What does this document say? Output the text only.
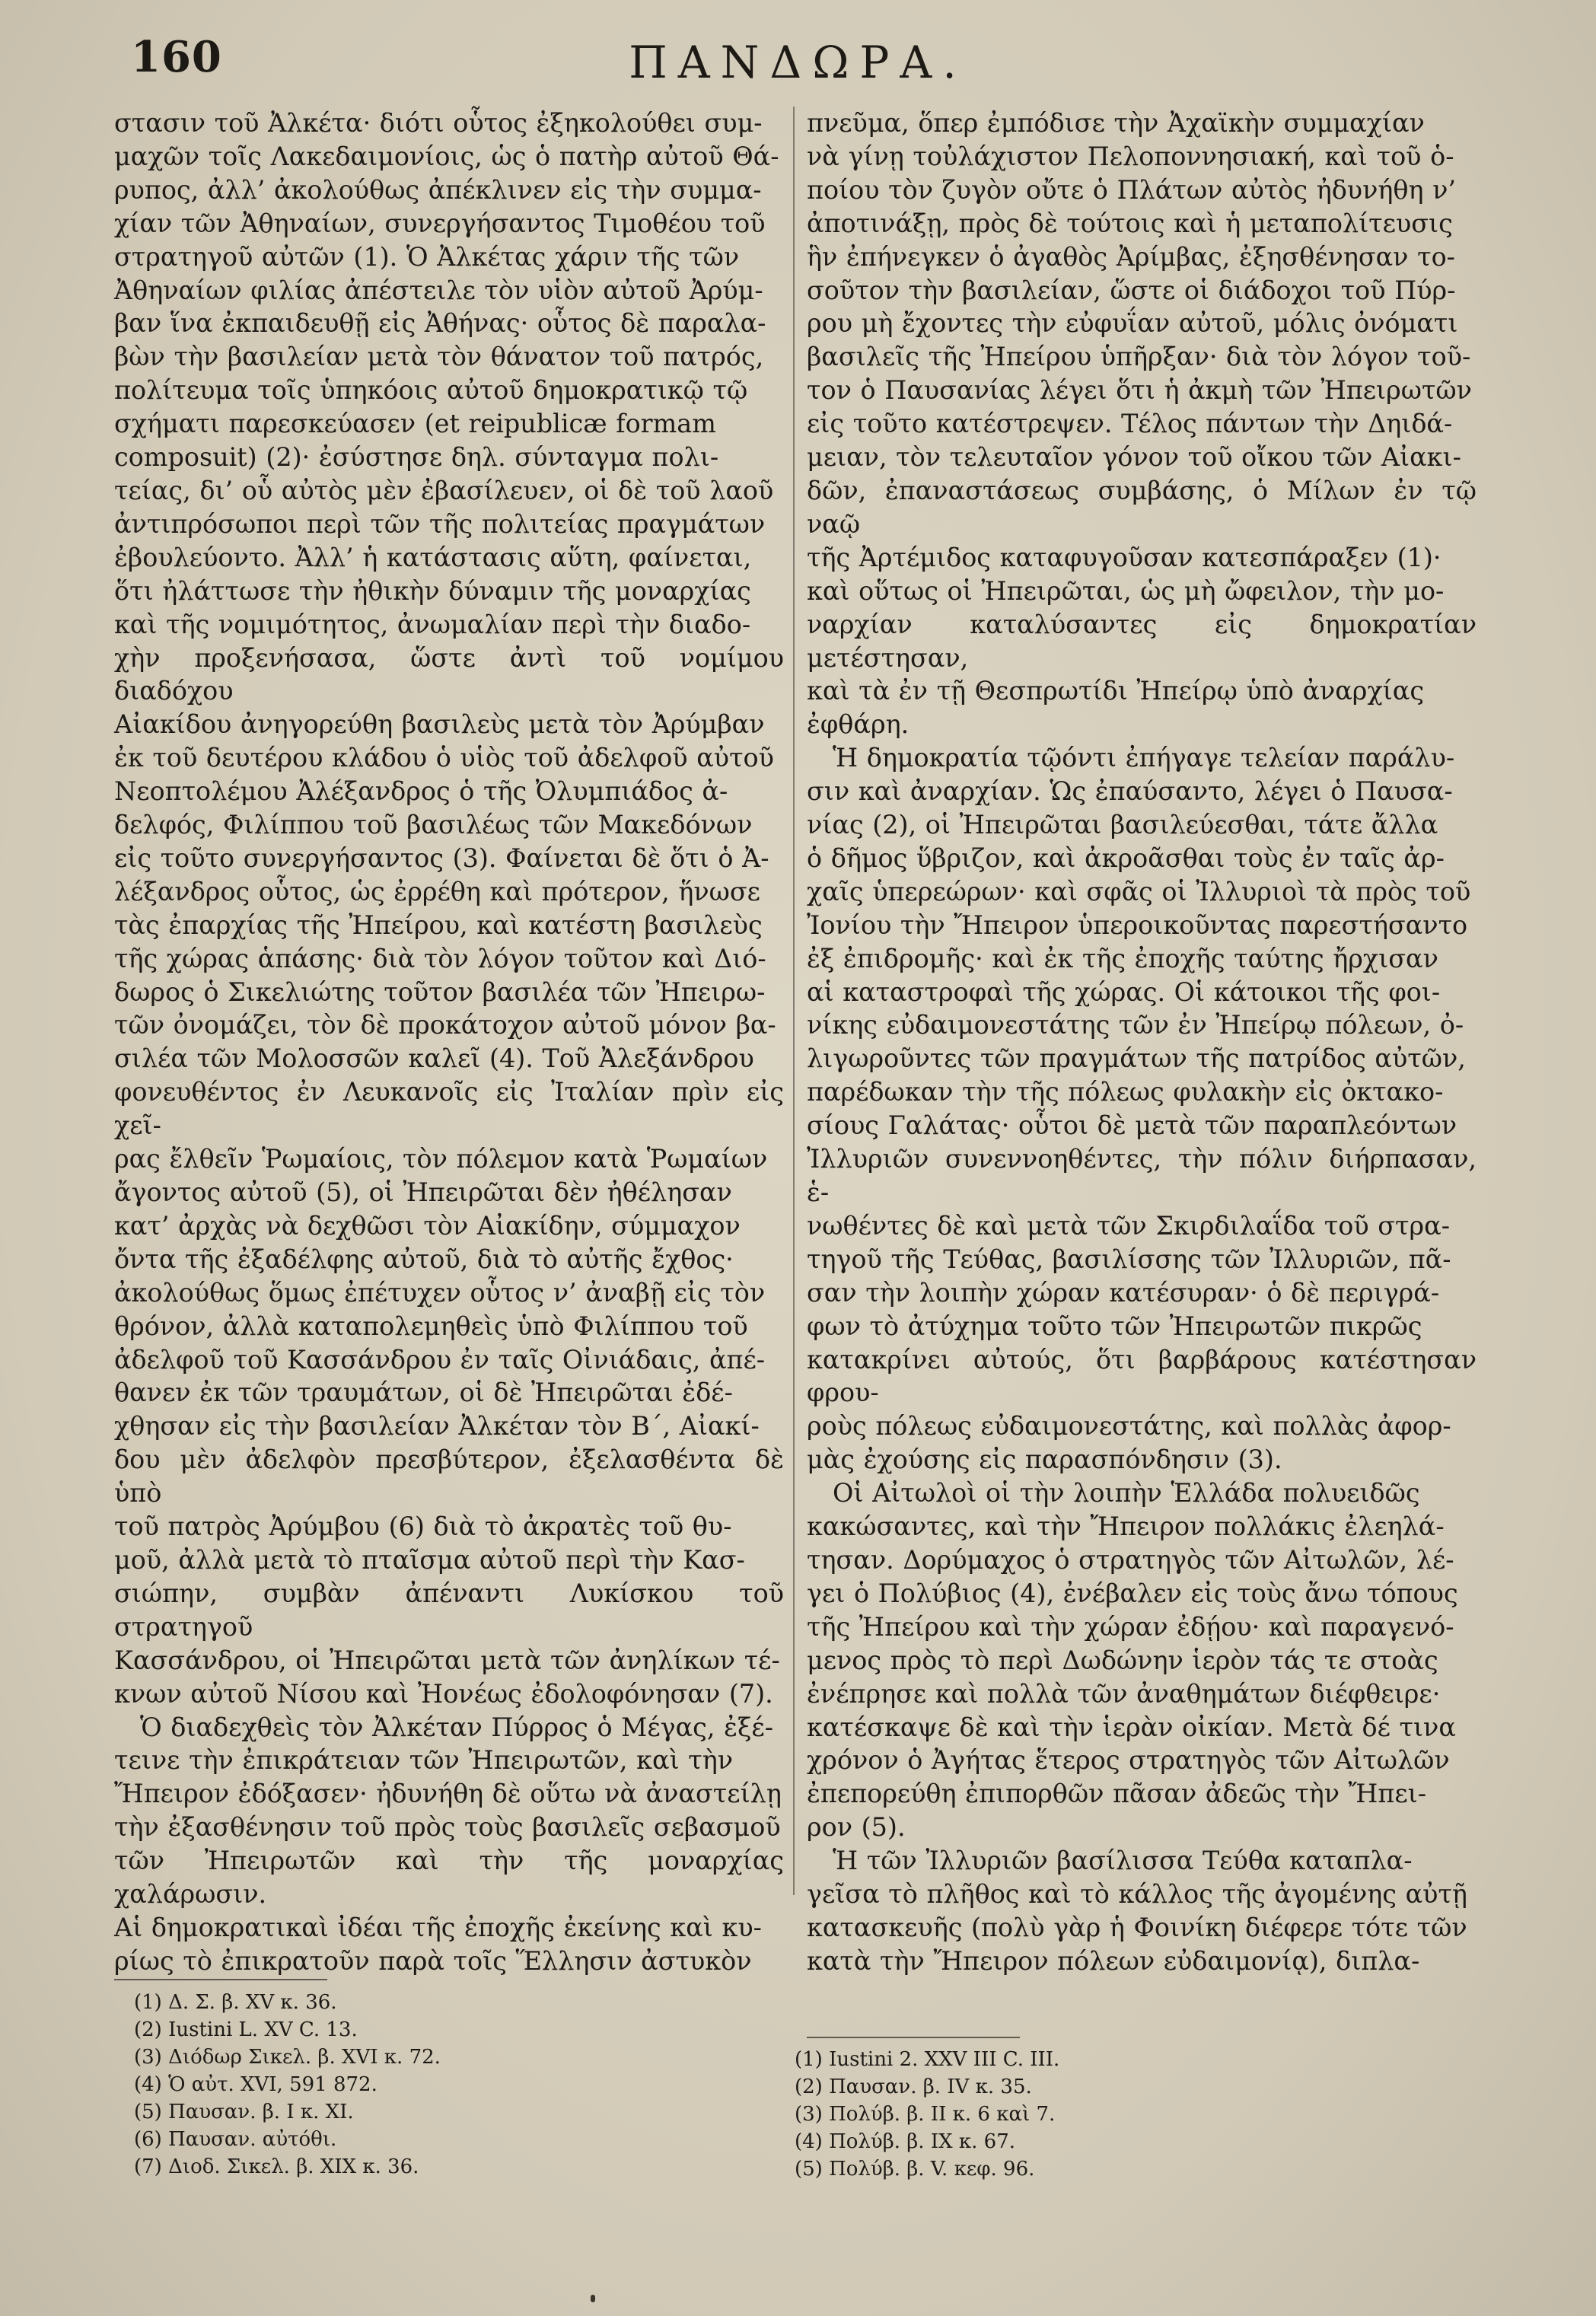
160	ΠΑΝΔΩΡΑ.

στασιν τοῦ Ἀλκέτα· διότι οὗτος ἐξηκολούθει συμ-
μαχῶν τοῖς Λακεδαιμονίοις, ὡς ὁ πατὴρ αὐτοῦ Θά-
ρυπος, ἀλλ’ ἀκολούθως ἀπέκλινεν εἰς τὴν συμμα-
χίαν τῶν Ἀθηναίων, συνεργήσαντος Τιμοθέου τοῦ
στρατηγοῦ αὐτῶν (1). Ὁ Ἀλκέτας χάριν τῆς τῶν
Ἀθηναίων φιλίας ἀπέστειλε τὸν υἱὸν αὐτοῦ Ἀρύμ-
βαν ἵνα ἐκπαιδευθῇ εἰς Ἀθήνας· οὗτος δὲ παραλα-
βὼν τὴν βασιλείαν μετὰ τὸν θάνατον τοῦ πατρός,
πολίτευμα τοῖς ὑπηκόοις αὐτοῦ δημοκρατικῷ τῷ
σχήματι παρεσκεύασεν (et reipublicæ formam
composuit) (2)· ἐσύστησε δηλ. σύνταγμα πολι-
τείας, δι’ οὗ αὐτὸς μὲν ἐβασίλευεν, οἱ δὲ τοῦ λαοῦ
ἀντιπρόσωποι περὶ τῶν τῆς πολιτείας πραγμάτων
ἐβουλεύοντο. Ἀλλ’ ἡ κατάστασις αὕτη, φαίνεται,
ὅτι ἠλάττωσε τὴν ἠθικὴν δύναμιν τῆς μοναρχίας
καὶ τῆς νομιμότητος, ἀνωμαλίαν περὶ τὴν διαδο-
χὴν προξενήσασα, ὥστε ἀντὶ τοῦ νομίμου διαδόχου
Αἰακίδου ἀνηγορεύθη βασιλεὺς μετὰ τὸν Ἀρύμβαν
ἐκ τοῦ δευτέρου κλάδου ὁ υἱὸς τοῦ ἀδελφοῦ αὐτοῦ
Νεοπτολέμου Ἀλέξανδρος ὁ τῆς Ὀλυμπιάδος ἀ-
δελφός, Φιλίππου τοῦ βασιλέως τῶν Μακεδόνων
εἰς τοῦτο συνεργήσαντος (3). Φαίνεται δὲ ὅτι ὁ Ἀ-
λέξανδρος οὗτος, ὡς ἐρρέθη καὶ πρότερον, ἥνωσε
τὰς ἐπαρχίας τῆς Ἠπείρου, καὶ κατέστη βασιλεὺς
τῆς χώρας ἁπάσης· διὰ τὸν λόγον τοῦτον καὶ Διό-
δωρος ὁ Σικελιώτης τοῦτον βασιλέα τῶν Ἠπειρω-
τῶν ὀνομάζει, τὸν δὲ προκάτοχον αὐτοῦ μόνον βα-
σιλέα τῶν Μολοσσῶν καλεῖ (4). Τοῦ Ἀλεξάνδρου
φονευθέντος ἐν Λευκανοῖς εἰς Ἰταλίαν πρὶν εἰς χεῖ-
ρας ἔλθεῖν Ῥωμαίοις, τὸν πόλεμον κατὰ Ῥωμαίων
ἄγοντος αὐτοῦ (5), οἱ Ἠπειρῶται δὲν ἠθέλησαν
κατ’ ἀρχὰς νὰ δεχθῶσι τὸν Αἰακίδην, σύμμαχον
ὄντα τῆς ἐξαδέλφης αὐτοῦ, διὰ τὸ αὐτῆς ἔχθος·
ἀκολούθως ὅμως ἐπέτυχεν οὗτος ν’ ἀναβῇ εἰς τὸν
θρόνον, ἀλλὰ καταπολεμηθεὶς ὑπὸ Φιλίππου τοῦ
ἀδελφοῦ τοῦ Κασσάνδρου ἐν ταῖς Οἰνιάδαις, ἀπέ-
θανεν ἐκ τῶν τραυμάτων, οἱ δὲ Ἠπειρῶται ἐδέ-
χθησαν εἰς τὴν βασιλείαν Ἀλκέταν τὸν Β΄, Αἰακί-
δου μὲν ἀδελφὸν πρεσβύτερον, ἐξελασθέντα δὲ ὑπὸ
τοῦ πατρὸς Ἀρύμβου (6) διὰ τὸ ἀκρατὲς τοῦ θυ-
μοῦ, ἀλλὰ μετὰ τὸ πταῖσμα αὐτοῦ περὶ τὴν Κασ-
σιώπην, συμβὰν ἀπέναντι Λυκίσκου τοῦ στρατηγοῦ
Κασσάνδρου, οἱ Ἠπειρῶται μετὰ τῶν ἀνηλίκων τέ-
κνων αὐτοῦ Νίσου καὶ Ἠονέως ἐδολοφόνησαν (7).

Ὁ διαδεχθεὶς τὸν Ἀλκέταν Πύρρος ὁ Μέγας, ἐξέ-
τεινε τὴν ἐπικράτειαν τῶν Ἠπειρωτῶν, καὶ τὴν
Ἤπειρον ἐδόξασεν· ἠδυνήθη δὲ οὕτω νὰ ἀναστείλῃ
τὴν ἐξασθένησιν τοῦ πρὸς τοὺς βασιλεῖς σεβασμοῦ
τῶν Ἠπειρωτῶν καὶ τὴν τῆς μοναρχίας χαλάρωσιν.
Αἱ δημοκρατικαὶ ἰδέαι τῆς ἐποχῆς ἐκείνης καὶ κυ-
ρίως τὸ ἐπικρατοῦν παρὰ τοῖς Ἕλλησιν ἀστυκὸν

πνεῦμα, ὅπερ ἐμπόδισε τὴν Ἀχαϊκὴν συμμαχίαν
νὰ γίνῃ τοὐλάχιστον Πελοποννησιακή, καὶ τοῦ ὁ-
ποίου τὸν ζυγὸν οὔτε ὁ Πλάτων αὐτὸς ἠδυνήθη ν’
ἀποτινάξῃ, πρὸς δὲ τούτοις καὶ ἡ μεταπολίτευσις
ἣν ἐπήνεγκεν ὁ ἀγαθὸς Ἀρίμβας, ἐξησθένησαν το-
σοῦτον τὴν βασιλείαν, ὥστε οἱ διάδοχοι τοῦ Πύρ-
ρου μὴ ἔχοντες τὴν εὐφυΐαν αὐτοῦ, μόλις ὀνόματι
βασιλεῖς τῆς Ἠπείρου ὑπῆρξαν· διὰ τὸν λόγον τοῦ-
τον ὁ Παυσανίας λέγει ὅτι ἡ ἀκμὴ τῶν Ἠπειρωτῶν
εἰς τοῦτο κατέστρεψεν. Τέλος πάντων τὴν Δηιδά-
μειαν, τὸν τελευταῖον γόνον τοῦ οἴκου τῶν Αἰακι-
δῶν, ἐπαναστάσεως συμβάσης, ὁ Μίλων ἐν τῷ ναῷ
τῆς Ἀρτέμιδος καταφυγοῦσαν κατεσπάραξεν (1)·
καὶ οὕτως οἱ Ἠπειρῶται, ὡς μὴ ὤφειλον, τὴν μο-
ναρχίαν καταλύσαντες εἰς δημοκρατίαν μετέστησαν,
καὶ τὰ ἐν τῇ Θεσπρωτίδι Ἠπείρῳ ὑπὸ ἀναρχίας
ἐφθάρη.

Ἡ δημοκρατία τῷόντι ἐπήγαγε τελείαν παράλυ-
σιν καὶ ἀναρχίαν. Ὡς ἐπαύσαντο, λέγει ὁ Παυσα-
νίας (2), οἱ Ἠπειρῶται βασιλεύεσθαι, τάτε ἄλλα
ὁ δῆμος ὕβριζον, καὶ ἀκροᾶσθαι τοὺς ἐν ταῖς ἀρ-
χαῖς ὑπερεώρων· καὶ σφᾶς οἱ Ἰλλυριοὶ τὰ πρὸς τοῦ
Ἰονίου τὴν Ἤπειρον ὑπεροικοῦντας παρεστήσαντο
ἐξ ἐπιδρομῆς· καὶ ἐκ τῆς ἐποχῆς ταύτης ἤρχισαν
αἱ καταστροφαὶ τῆς χώρας. Οἱ κάτοικοι τῆς φοι-
νίκης εὐδαιμονεστάτης τῶν ἐν Ἠπείρῳ πόλεων, ὀ-
λιγωροῦντες τῶν πραγμάτων τῆς πατρίδος αὐτῶν,
παρέδωκαν τὴν τῆς πόλεως φυλακὴν εἰς ὀκτακο-
σίους Γαλάτας· οὗτοι δὲ μετὰ τῶν παραπλεόντων
Ἰλλυριῶν συνεννοηθέντες, τὴν πόλιν διήρπασαν, ἑ-
νωθέντες δὲ καὶ μετὰ τῶν Σκιρδιλαΐδα τοῦ στρα-
τηγοῦ τῆς Τεύθας, βασιλίσσης τῶν Ἰλλυριῶν, πᾶ-
σαν τὴν λοιπὴν χώραν κατέσυραν· ὁ δὲ περιγρά-
φων τὸ ἀτύχημα τοῦτο τῶν Ἠπειρωτῶν πικρῶς
κατακρίνει αὐτούς, ὅτι βαρβάρους κατέστησαν φρου-
ροὺς πόλεως εὐδαιμονεστάτης, καὶ πολλὰς ἀφορ-
μὰς ἐχούσης εἰς παρασπόνδησιν (3).

Οἱ Αἰτωλοὶ οἱ τὴν λοιπὴν Ἑλλάδα πολυειδῶς
κακώσαντες, καὶ τὴν Ἤπειρον πολλάκις ἐλεηλά-
τησαν. Δορύμαχος ὁ στρατηγὸς τῶν Αἰτωλῶν, λέ-
γει ὁ Πολύβιος (4), ἐνέβαλεν εἰς τοὺς ἄνω τόπους
τῆς Ἠπείρου καὶ τὴν χώραν ἐδῄου· καὶ παραγενό-
μενος πρὸς τὸ περὶ Δωδώνην ἱερὸν τάς τε στοὰς
ἐνέπρησε καὶ πολλὰ τῶν ἀναθημάτων διέφθειρε·
κατέσκαψε δὲ καὶ τὴν ἱερὰν οἰκίαν. Μετὰ δέ τινα
χρόνον ὁ Ἀγήτας ἕτερος στρατηγὸς τῶν Αἰτωλῶν
ἐπεπορεύθη ἐπιπορθῶν πᾶσαν ἀδεῶς τὴν Ἤπει-
ρον (5).

Ἡ τῶν Ἰλλυριῶν βασίλισσα Τεύθα καταπλα-
γεῖσα τὸ πλῆθος καὶ τὸ κάλλος τῆς ἀγομένης αὐτῇ
κατασκευῆς (πολὺ γὰρ ἡ Φοινίκη διέφερε τότε τῶν
κατὰ τὴν Ἤπειρον πόλεων εὐδαιμονίᾳ), διπλα-

(1) Δ. Σ. β. XV κ. 36.
(2) Iustini L. XV C. 13.
(3) Διόδωρ Σικελ. β. XVI κ. 72.
(4) Ὁ αὐτ. XVI, 591 872.
(5) Παυσαν. β. I κ. XI.
(6) Παυσαν. αὐτόθι.
(7) Διοδ. Σικελ. β. XIX κ. 36.
(1) Iustini 2. XXV III C. III.
(2) Παυσαν. β. IV κ. 35.
(3) Πολύβ. β. II κ. 6 καὶ 7.
(4) Πολύβ. β. IX κ. 67.
(5) Πολύβ. β. V. κεφ. 96.
